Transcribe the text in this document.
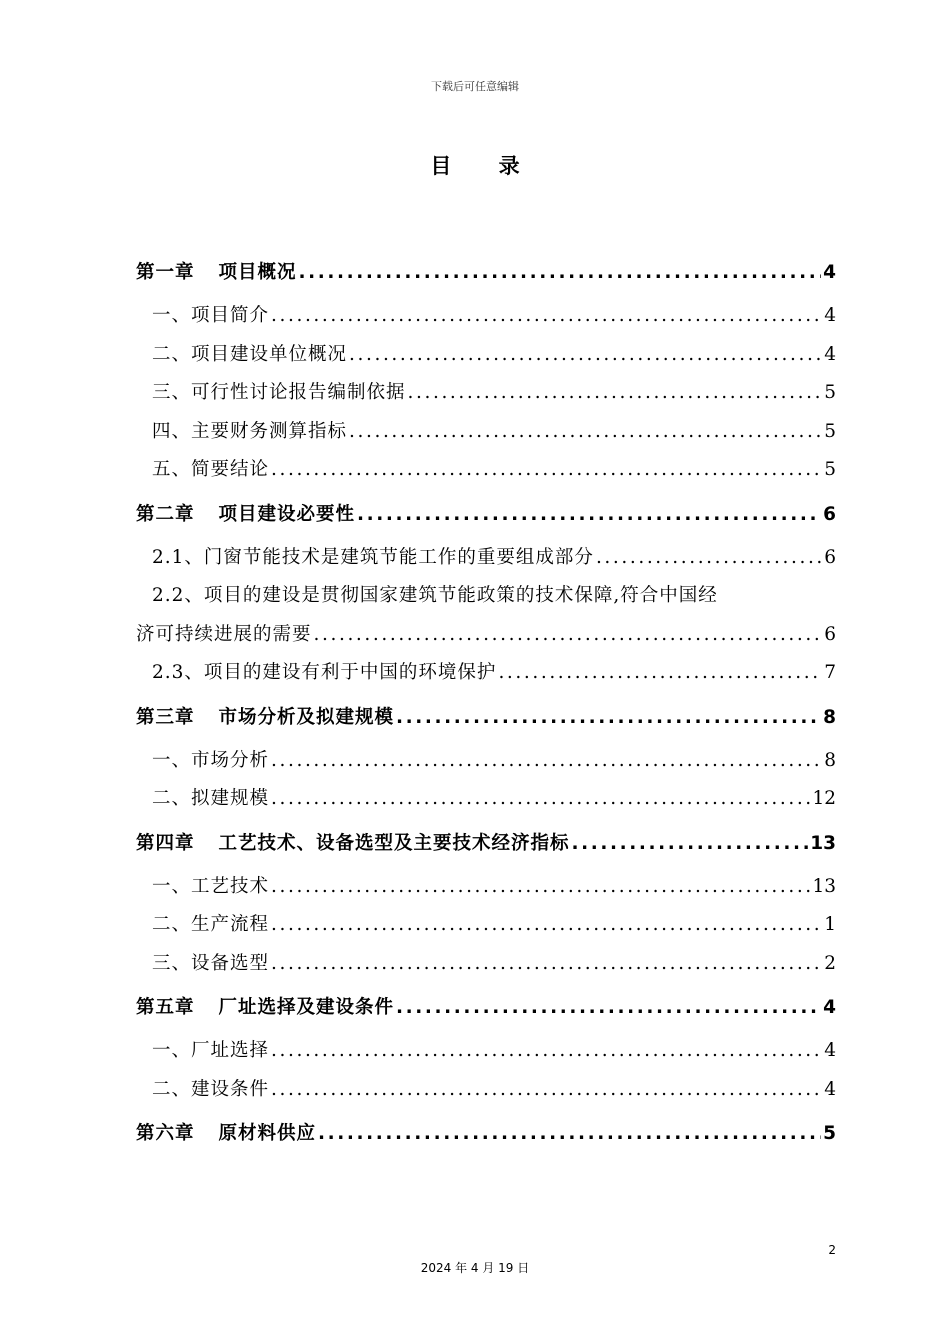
下载后可任意编辑
目 录
第一章 项目概况 .....	4
一、项目简介 .....	4
二、项目建设单位概况 .....	4
三、可行性讨论报告编制依据 .....	5
四、主要财务测算指标 .....	5
五、简要结论 .....	5
第二章 项目建设必要性 .....	6
2.1、门窗节能技术是建筑节能工作的重要组成部分 .....	6
2.2、项目的建设是贯彻国家建筑节能政策的技术保障,符合中国经
济可持续进展的需要 .....	6
2.3、项目的建设有利于中国的环境保护 .....	7
第三章 市场分析及拟建规模 .....	8
一、市场分析 .....	8
二、拟建规模 .....	12
第四章 工艺技术、设备选型及主要技术经济指标 .....	13
一、工艺技术 .....	13
二、生产流程 .....	1
三、设备选型 .....	2
第五章 厂址选择及建设条件 .....	4
一、厂址选择 .....	4
二、建设条件 .....	4
第六章 原材料供应 .....	5
2
2024 年 4 月 19 日
